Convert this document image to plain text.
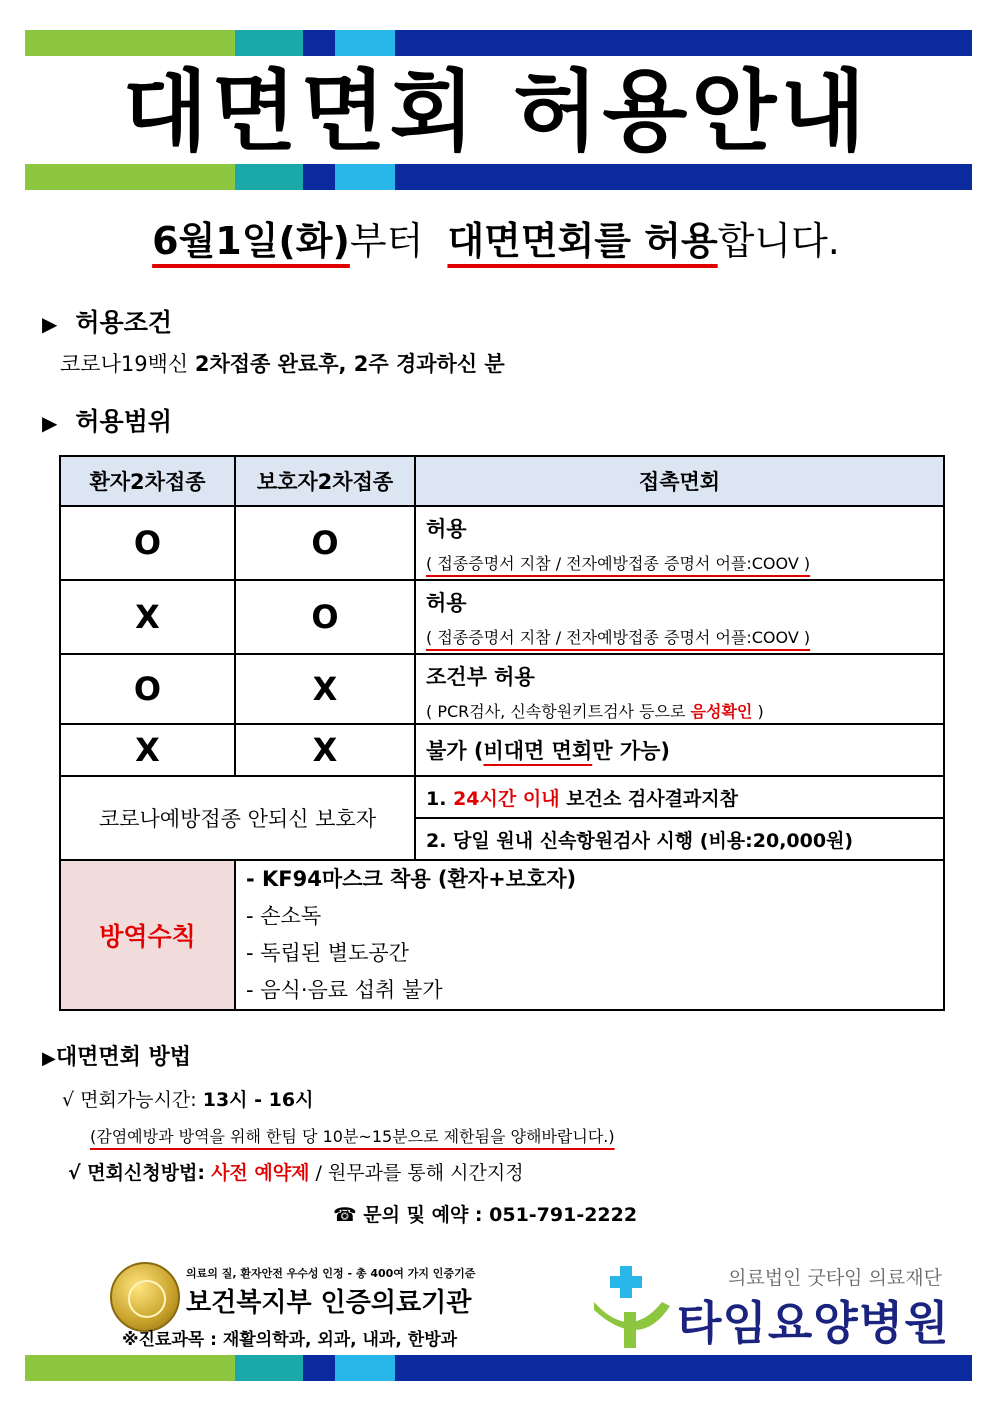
대면면회 허용안내
6월1일(화)부터 대면면회를 허용합니다.
▶ 허용조건
코로나19백신 2차접종 완료후, 2주 경과하신 분
▶ 허용범위
환자2차접종	보호자2차접종	접촉면회
O	O	허용
( 접종증명서 지참 / 전자예방접종 증명서 어플:COOV )

X	O	허용
( 접종증명서 지참 / 전자예방접종 증명서 어플:COOV )

O	X	조건부 허용
( PCR검사, 신속항원키트검사 등으로 음성확인 )

X	X	불가 (비대면 면회만 가능)

코로나예방접종 안되신 보호자		1. 24시간 이내 보건소 검사결과지참
		2. 당일 원내 신속항원검사 시행 (비용:20,000원)
방역수칙	- KF94마스크 착용 (환자+보호자)
- 손소독
- 독립된 별도공간
- 음식·음료 섭취 불가	
▶대면면회 방법
√ 면회가능시간: 13시 - 16시
(감염예방과 방역을 위해 한팀 당 10분~15분으로 제한됨을 양해바랍니다.)
√ 면회신청방법: 사전 예약제 / 원무과를 통해 시간지정
☎ 문의 및 예약 : 051-791-2222
의료의 질, 환자안전 우수성 인정 - 총 400여 가지 인증기준
보건복지부 인증의료기관
※진료과목 : 재활의학과, 외과, 내과, 한방과
의료법인 굿타임 의료재단
타임요양병원
